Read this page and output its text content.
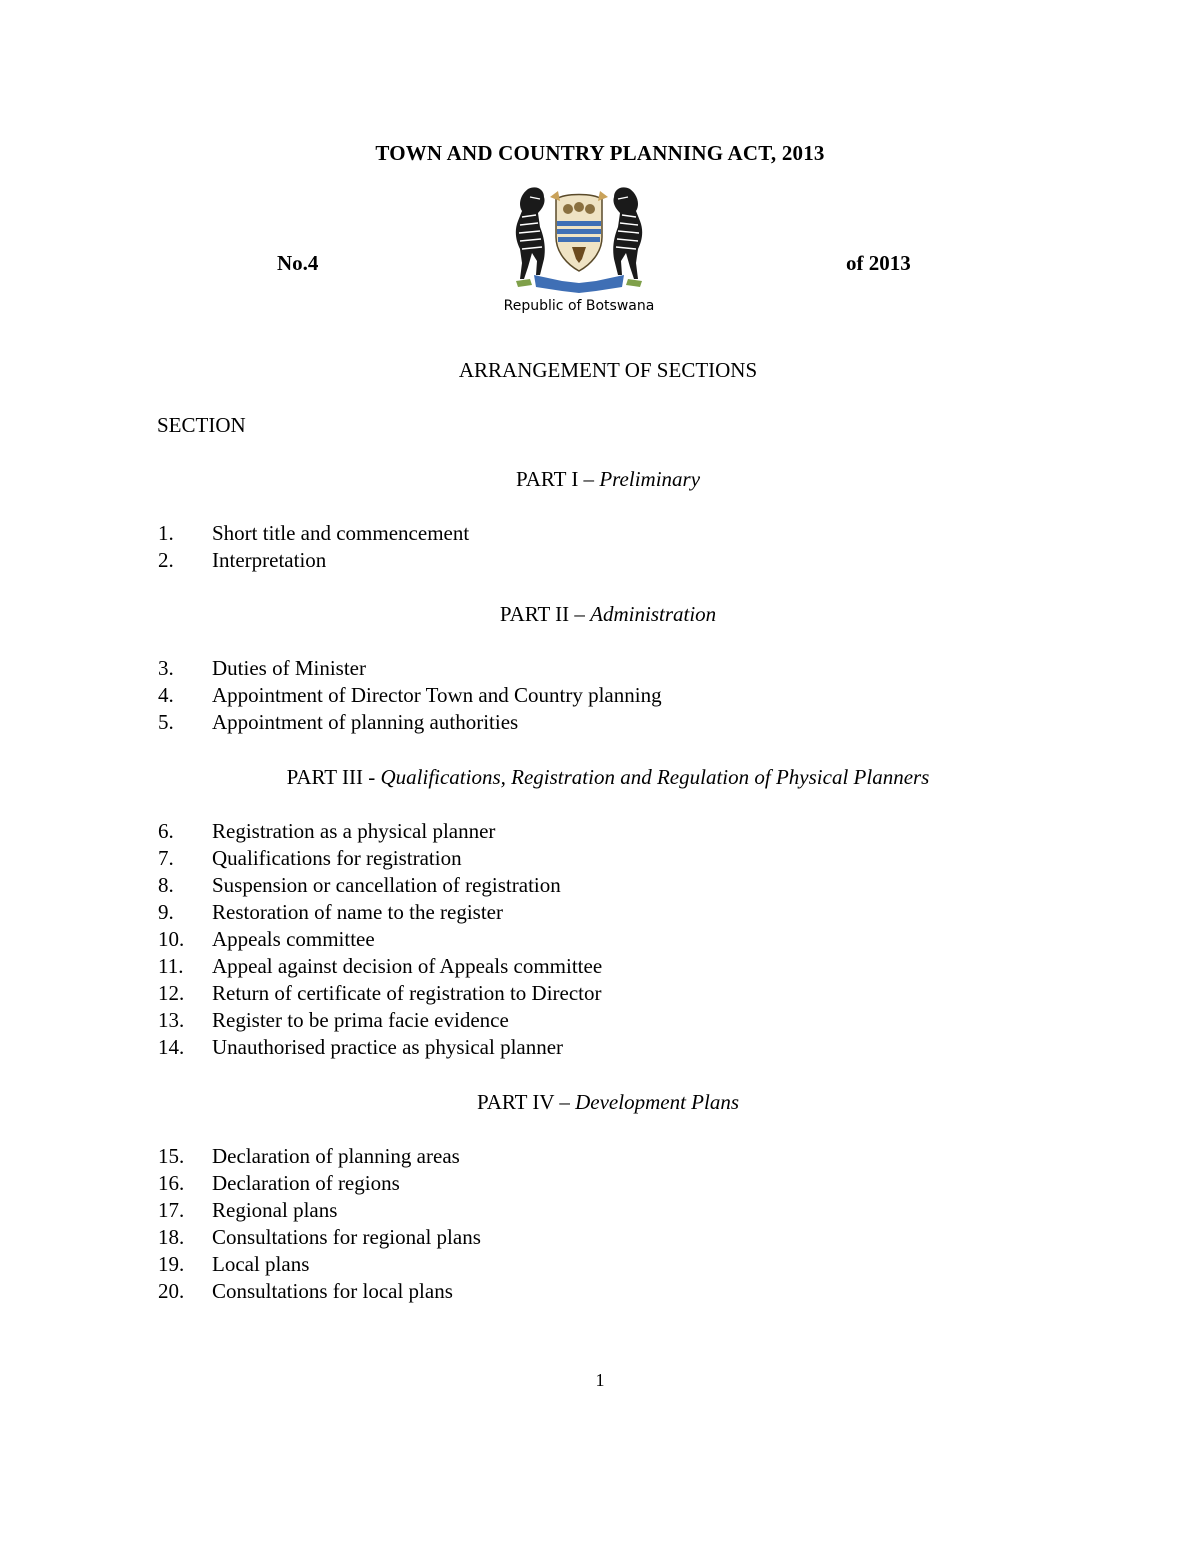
TOWN AND COUNTRY PLANNING ACT, 2013
No.4	of 2013
Republic of Botswana
ARRANGEMENT OF SECTIONS
SECTION
PART I – Preliminary
1. Short title and commencement
2. Interpretation
PART II – Administration
3. Duties of Minister
4. Appointment of Director Town and Country planning
5. Appointment of planning authorities
PART III - Qualifications, Registration and Regulation of Physical Planners
6. Registration as a physical planner
7. Qualifications for registration
8. Suspension or cancellation of registration
9. Restoration of name to the register
10. Appeals committee
11. Appeal against decision of Appeals committee
12. Return of certificate of registration to Director
13. Register to be prima facie evidence
14. Unauthorised practice as physical planner
PART IV – Development Plans
15. Declaration of planning areas
16. Declaration of regions
17. Regional plans
18. Consultations for regional plans
19. Local plans
20. Consultations for local plans
1
